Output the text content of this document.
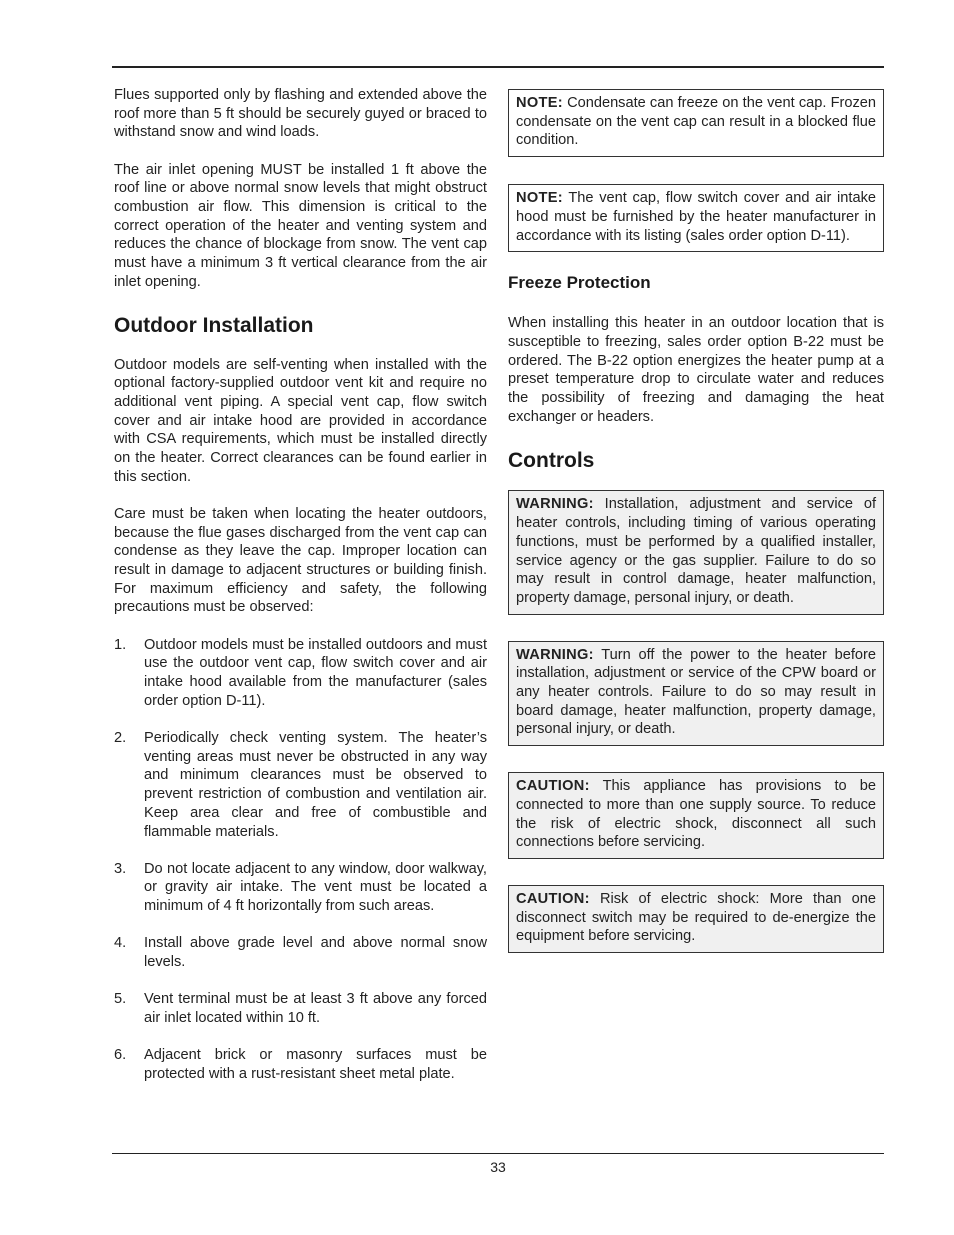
Flues supported only by flashing and extended above the roof more than 5 ft should be securely guyed or braced to withstand snow and wind loads.

The air inlet opening MUST be installed 1 ft above the roof line or above normal snow levels that might obstruct combustion air flow. This dimension is critical to the correct operation of the heater and venting system and reduces the chance of blockage from snow. The vent cap must have a minimum 3 ft vertical clearance from the air inlet opening.

Outdoor Installation

Outdoor models are self-venting when installed with the optional factory-supplied outdoor vent kit and require no additional vent piping. A special vent cap, flow switch cover and air intake hood are provided in accordance with CSA requirements, which must be installed directly on the heater. Correct clearances can be found earlier in this section.

Care must be taken when locating the heater outdoors, because the flue gases discharged from the vent cap can condense as they leave the cap. Improper location can result in damage to adjacent structures or building finish. For maximum efficiency and safety, the following precautions must be observed:

1. Outdoor models must be installed outdoors and must use the outdoor vent cap, flow switch cover and air intake hood available from the manufacturer (sales order option D-11).
2. Periodically check venting system. The heater’s venting areas must never be obstructed in any way and minimum clearances must be observed to prevent restriction of combustion and ventilation air. Keep area clear and free of combustible and flammable materials.
3. Do not locate adjacent to any window, door walkway, or gravity air intake. The vent must be located a minimum of 4 ft horizontally from such areas.
4. Install above grade level and above normal snow levels.
5. Vent terminal must be at least 3 ft above any forced air inlet located within 10 ft.
6. Adjacent brick or masonry surfaces must be protected with a rust-resistant sheet metal plate.
NOTE: Condensate can freeze on the vent cap. Frozen condensate on the vent cap can result in a blocked flue condition.
NOTE: The vent cap, flow switch cover and air intake hood must be furnished by the heater manufacturer in accordance with its listing (sales order option D-11).
Freeze Protection

When installing this heater in an outdoor location that is susceptible to freezing, sales order option B-22 must be ordered. The B-22 option energizes the heater pump at a preset temperature drop to circulate water and reduces the possibility of freezing and damaging the heat exchanger or headers.

Controls
WARNING: Installation, adjustment and service of heater controls, including timing of various operating functions, must be performed by a qualified installer, service agency or the gas supplier. Failure to do so may result in control damage, heater malfunction, property damage, personal injury, or death.
WARNING: Turn off the power to the heater before installation, adjustment or service of the CPW board or any heater controls. Failure to do so may result in board damage, heater malfunction, property damage, personal injury, or death.
CAUTION: This appliance has provisions to be connected to more than one supply source. To reduce the risk of electric shock, disconnect all such connections before servicing.
CAUTION: Risk of electric shock: More than one disconnect switch may be required to de-energize the equipment before servicing.
33
